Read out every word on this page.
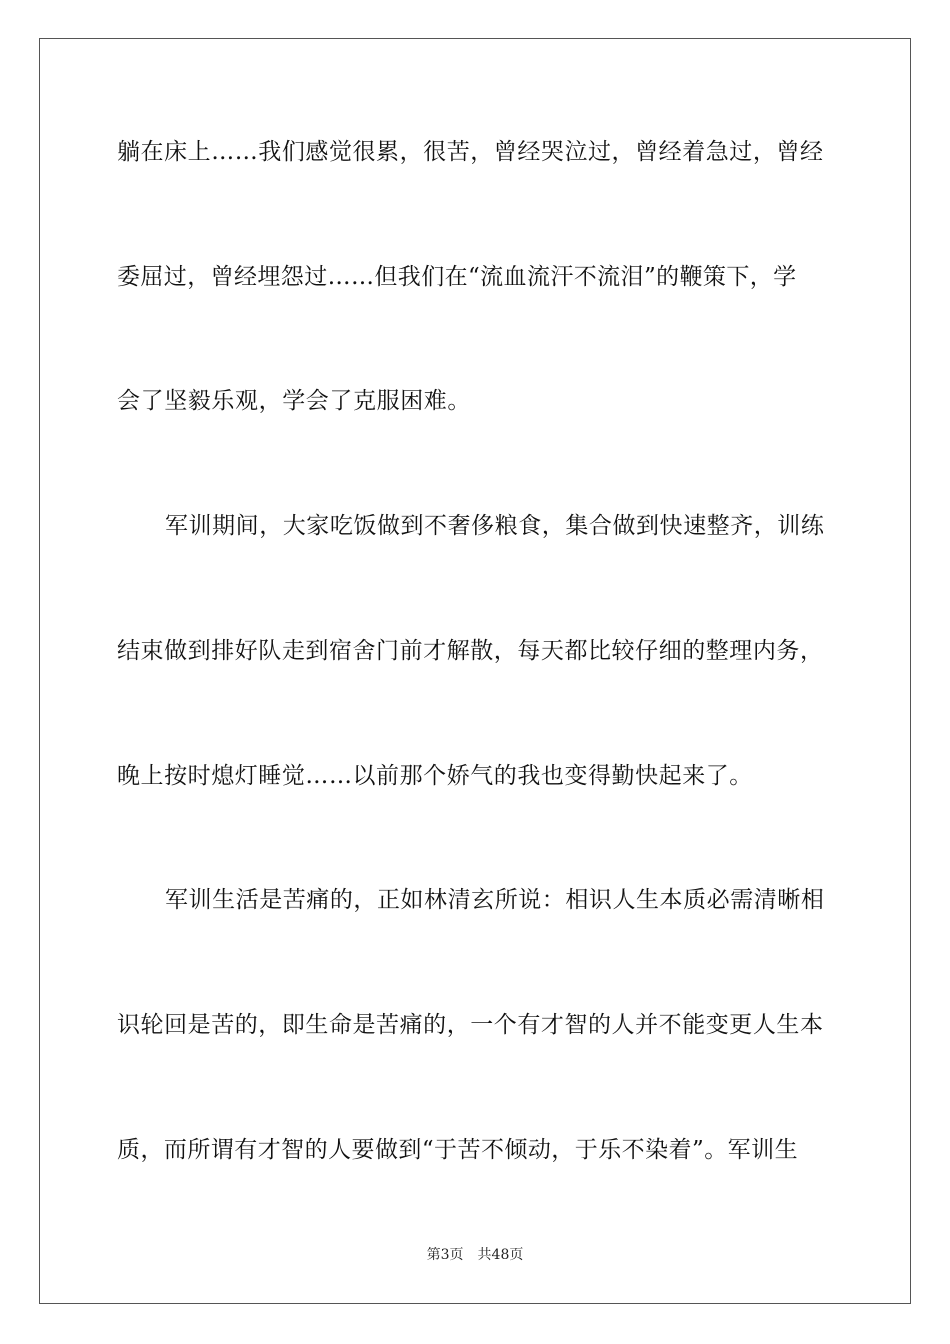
躺在床上……我们感觉很累，很苦，曾经哭泣过，曾经着急过，曾经
委屈过，曾经埋怨过……但我们在“流血流汗不流泪”的鞭策下，学
会了坚毅乐观，学会了克服困难。
军训期间，大家吃饭做到不奢侈粮食，集合做到快速整齐，训练
结束做到排好队走到宿舍门前才解散，每天都比较仔细的整理内务，
晚上按时熄灯睡觉……以前那个娇气的我也变得勤快起来了。
军训生活是苦痛的，正如林清玄所说：相识人生本质必需清晰相
识轮回是苦的，即生命是苦痛的，一个有才智的人并不能变更人生本
质，而所谓有才智的人要做到“于苦不倾动，于乐不染着”。军训生
第3页 共48页
